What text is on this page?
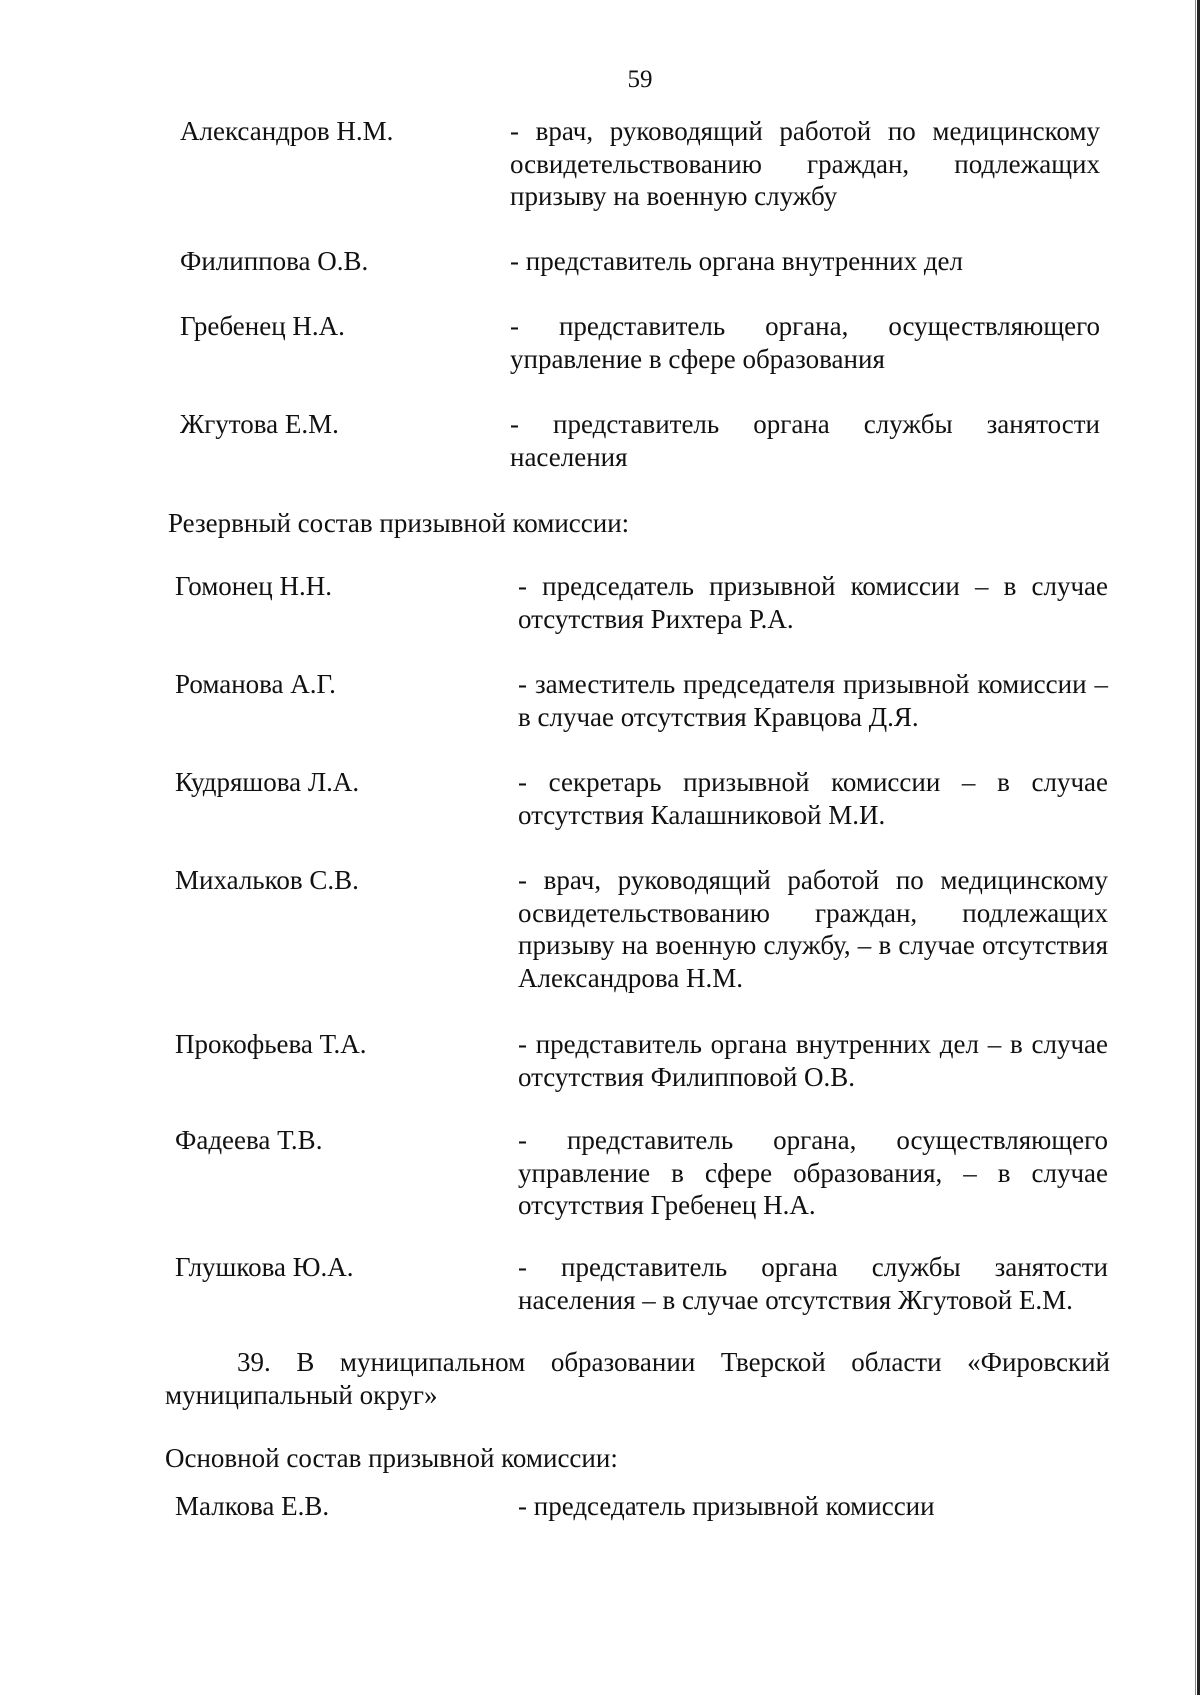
59
Александров Н.М.	- врач, руководящий работой по медицинскому освидетельствованию граждан, подлежащих призыву на военную службу
Филиппова О.В.	- представитель органа внутренних дел
Гребенец Н.А.	- представитель органа, осуществляющего управление в сфере образования
Жгутова Е.М.	- представитель органа службы занятости населения
Резервный состав призывной комиссии:
Гомонец Н.Н.	- председатель призывной комиссии – в случае отсутствия Рихтера Р.А.
Романова А.Г.	- заместитель председателя призывной комиссии – в случае отсутствия Кравцова Д.Я.
Кудряшова Л.А.	- секретарь призывной комиссии – в случае отсутствия Калашниковой М.И.
Михальков С.В.	- врач, руководящий работой по медицинскому освидетельствованию граждан, подлежащих призыву на военную службу, – в случае отсутствия Александрова Н.М.
Прокофьева Т.А.	- представитель органа внутренних дел – в случае отсутствия Филипповой О.В.
Фадеева Т.В.	- представитель органа, осуществляющего управление в сфере образования, – в случае отсутствия Гребенец Н.А.
Глушкова Ю.А.	- представитель органа службы занятости населения – в случае отсутствия Жгутовой Е.М.
39. В муниципальном образовании Тверской области «Фировский муниципальный округ»
Основной состав призывной комиссии:
Малкова Е.В.	- председатель призывной комиссии
